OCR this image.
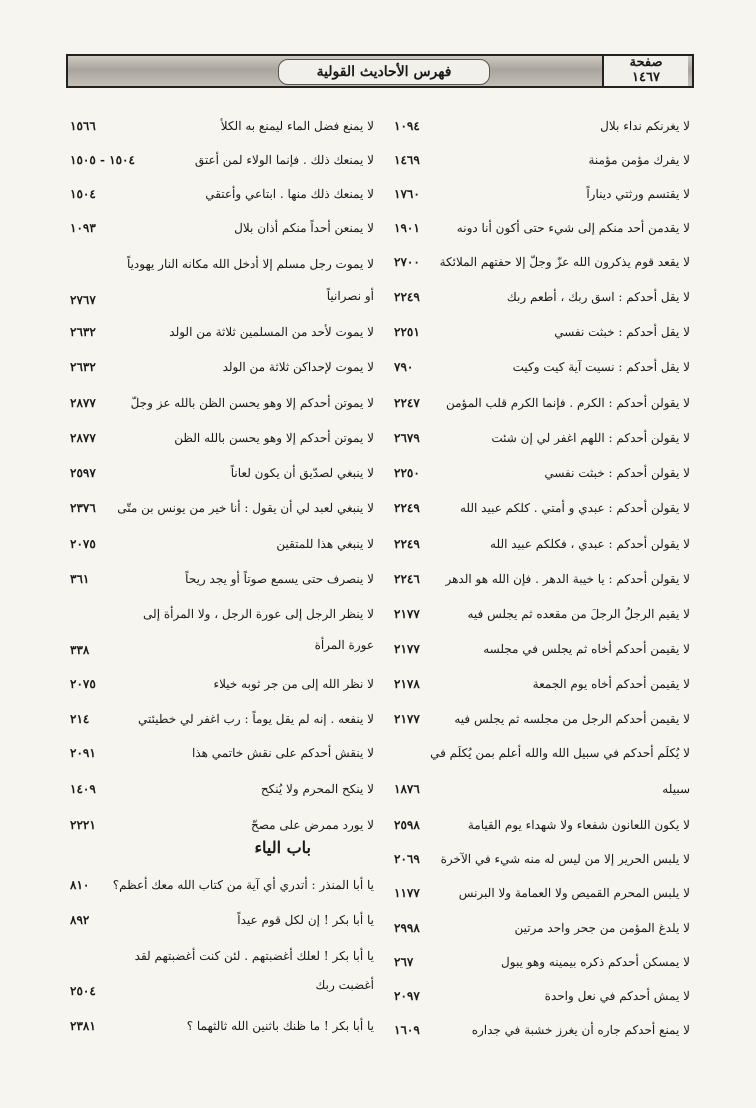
فهرس الأحاديث القولية
صفحة
١٤٦٧
لا يغرنكم نداء بلال
١٠٩٤
لا يفرك مؤمن مؤمنة
١٤٦٩
لا يقتسم ورثتي ديناراً
١٧٦٠
لا يقدمن أحد منكم إلى شيء حتى أكون أنا دونه
١٩٠١
لا يقعد قوم يذكرون الله عزّ وجلّ إلا حفتهم الملائكة
٢٧٠٠
لا يقل أحدكم : اسق ربك ، أطعم ربك
٢٢٤٩
لا يقل أحدكم : خبثت نفسي
٢٢٥١
لا يقل أحدكم : نسيت آية كيت وكيت
٧٩٠
لا يقولن أحدكم : الكرم . فإنما الكرم قلب المؤمن
٢٢٤٧
لا يقولن أحدكم : اللهم اغفر لي إن شئت
٢٦٧٩
لا يقولن أحدكم : خبثت نفسي
٢٢٥٠
لا يقولن أحدكم : عبدي و أمتي . كلكم عبيد الله
٢٢٤٩
لا يقولن أحدكم : عبدي ، فكلكم عبيد الله
٢٢٤٩
لا يقولن أحدكم : يا خيبة الدهر . فإن الله هو الدهر
٢٢٤٦
لا يقيم الرجلُ الرجلَ من مقعده ثم يجلس فيه
٢١٧٧
لا يقيمن أحدكم أخاه ثم يجلس في مجلسه
٢١٧٧
لا يقيمن أحدكم أخاه يوم الجمعة
٢١٧٨
لا يقيمن أحدكم الرجل من مجلسه ثم يجلس فيه
٢١٧٧
لا يُكلَم أحدكم في سبيل الله والله أعلم بمن يُكلَم في
سبيله
١٨٧٦
لا يكون اللعانون شفعاء ولا شهداء يوم القيامة
٢٥٩٨
لا يلبس الحرير إلا من ليس له منه شيء في الآخرة
٢٠٦٩
لا يلبس المحرم القميص ولا العمامة ولا البرنس
١١٧٧
لا يلدغ المؤمن من جحر واحد مرتين
٢٩٩٨
لا يمسكن أحدكم ذكره بيمينه وهو يبول
٢٦٧
لا يمش أحدكم في نعل واحدة
٢٠٩٧
لا يمنع أحدكم جاره أن يغرز خشبة في جداره
١٦٠٩
لا يمنع فضل الماء ليمنع به الكلأ
١٥٦٦
لا يمنعك ذلك . فإنما الولاء لمن أعتق
١٥٠٤ - ١٥٠٥
لا يمنعك ذلك منها . ابتاعي وأعتقي
١٥٠٤
لا يمنعن أحداً منكم أذان بلال
١٠٩٣
لا يموت رجل مسلم إلا أدخل الله مكانه النار يهودياً
أو نصرانياً
٢٧٦٧
لا يموت لأحد من المسلمين ثلاثة من الولد
٢٦٣٢
لا يموت لإحداكن ثلاثة من الولد
٢٦٣٢
لا يموتن أحدكم إلا وهو يحسن الظن بالله عز وجلّ
٢٨٧٧
لا يموتن أحدكم إلا وهو يحسن بالله الظن
٢٨٧٧
لا ينبغي لصدّيق أن يكون لعاناً
٢٥٩٧
لا ينبغي لعبد لي أن يقول : أنا خير من يونس بن متّى
٢٣٧٦
لا ينبغي هذا للمتقين
٢٠٧٥
لا ينصرف حتى يسمع صوتاً أو يجد ريحاً
٣٦١
لا ينظر الرجل إلى عورة الرجل ، ولا المرأة إلى
عورة المرأة
٣٣٨
لا نظر الله إلى من جر ثوبه خيلاء
٢٠٧٥
لا ينفعه . إنه لم يقل يوماً : رب اغفر لي خطيئتي
٢١٤
لا ينقش أحدكم على نقش خاتمي هذا
٢٠٩١
لا ينكح المحرم ولا يُنكح
١٤٠٩
لا يورد ممرض على مصحّ
٢٢٢١
باب الياء
يا أبا المنذر : أتدري أي آية من كتاب الله معك أعظم؟
٨١٠
يا أبا بكر ! إن لكل قوم عيداً
٨٩٢
يا أبا بكر ! لعلك أغضبتهم . لئن كنت أغضبتهم لقد
أغضبت ربك
٢٥٠٤
يا أبا بكر ! ما ظنك باثنين الله ثالثهما ؟
٢٣٨١
